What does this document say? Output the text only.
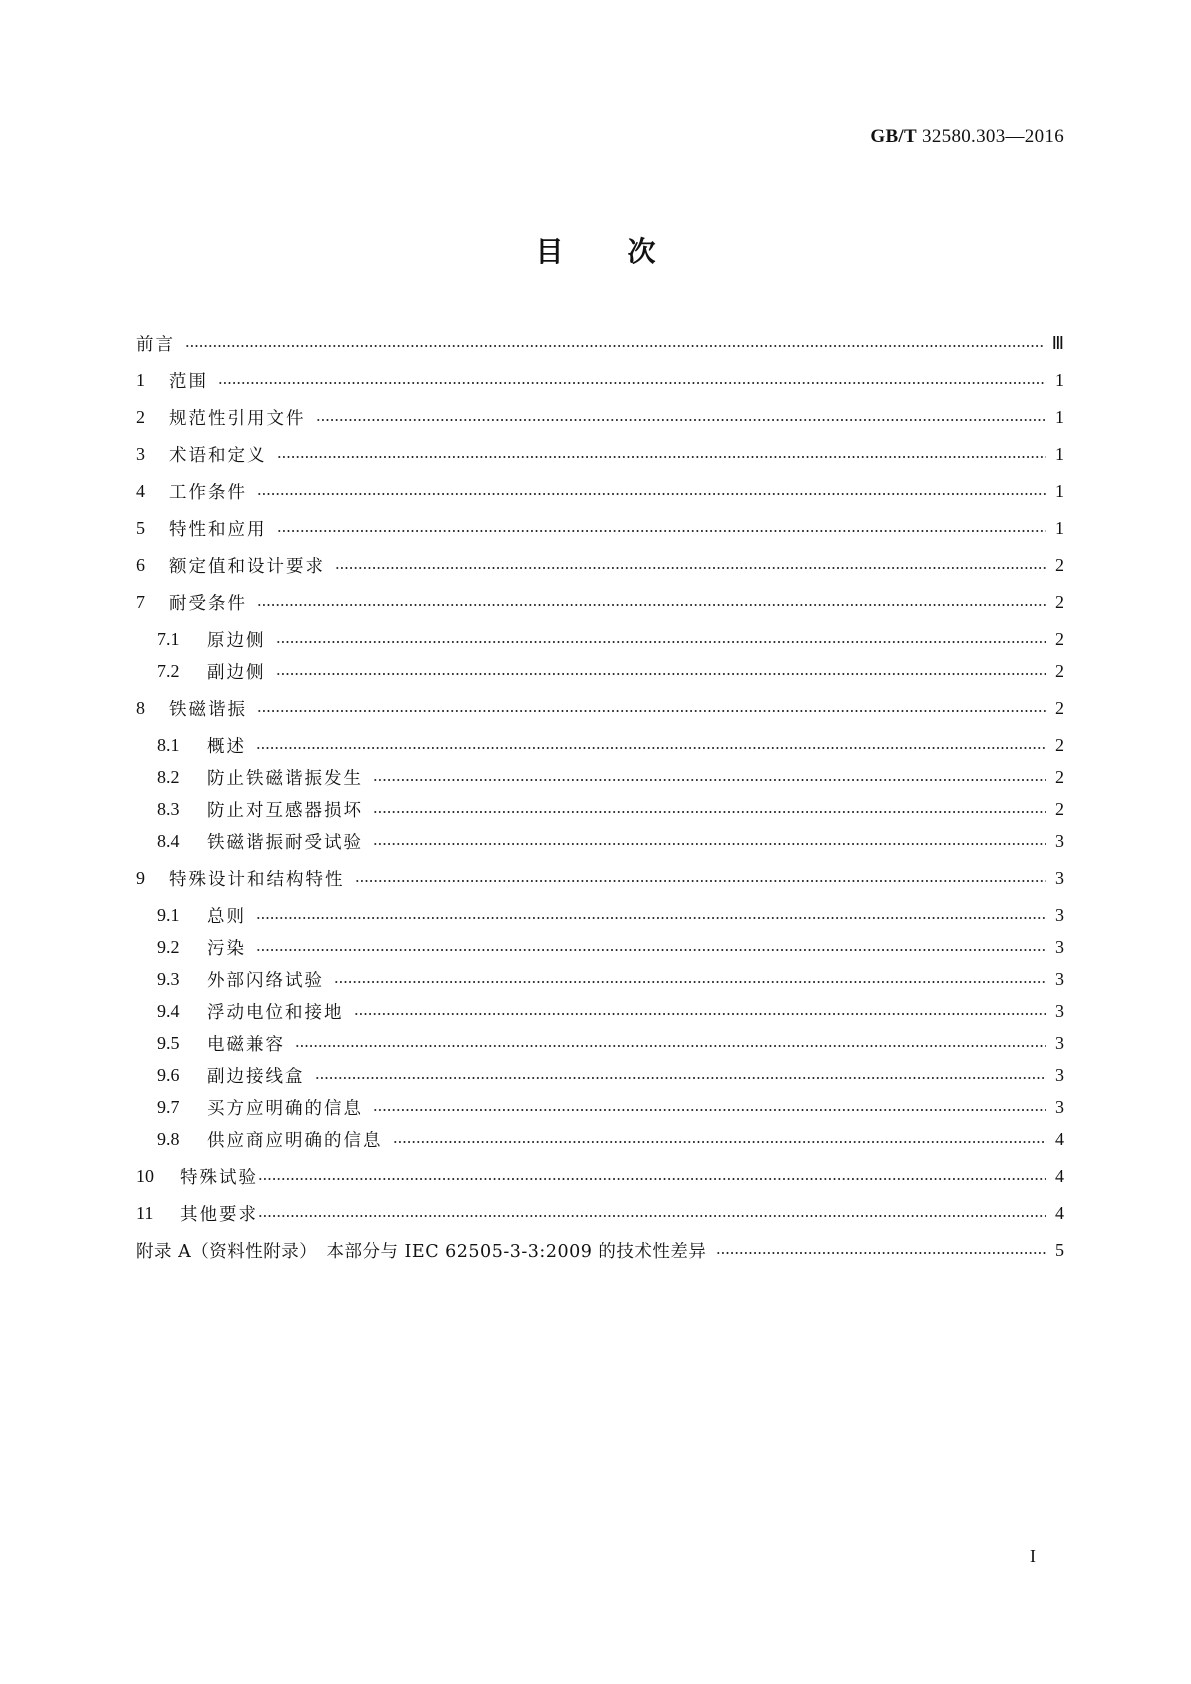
GB/T 32580.303—2016
目 次
前言	Ⅲ
1	范围	1
2	规范性引用文件	1
3	术语和定义	1
4	工作条件	1
5	特性和应用	1
6	额定值和设计要求	2
7	耐受条件	2
7.1	原边侧	2
7.2	副边侧	2
8	铁磁谐振	2
8.1	概述	2
8.2	防止铁磁谐振发生	2
8.3	防止对互感器损坏	2
8.4	铁磁谐振耐受试验	3
9	特殊设计和结构特性	3
9.1	总则	3
9.2	污染	3
9.3	外部闪络试验	3
9.4	浮动电位和接地	3
9.5	电磁兼容	3
9.6	副边接线盒	3
9.7	买方应明确的信息	3
9.8	供应商应明确的信息	4
10	特殊试验	4
11	其他要求	4
附录 A（资料性附录）　本部分与 IEC 62505-3-3:2009 的技术性差异	5
I
